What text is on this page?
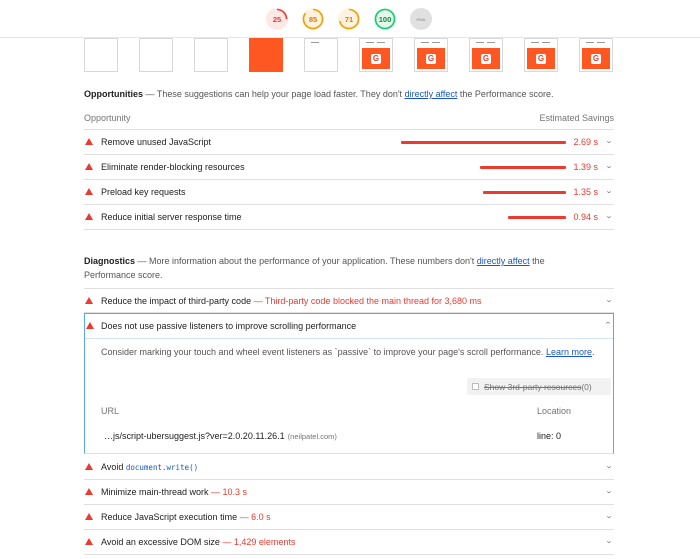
25	85	71	100	PWA
G	G	G	G	G
Opportunities — These suggestions can help your page load faster. They don't directly affect the Performance score.
Opportunity	Estimated Savings
Remove unused JavaScript	2.69 s ⌄
Eliminate render-blocking resources	1.39 s ⌄
Preload key requests	1.35 s ⌄
Reduce initial server response time	0.94 s ⌄
Diagnostics — More information about the performance of your application. These numbers don't directly affect the Performance score.
Reduce the impact of third-party code — Third-party code blocked the main thread for 3,680 ms	⌄
Does not use passive listeners to improve scrolling performance	⌃
Consider marking your touch and wheel event listeners as `passive` to improve your page's scroll performance. Learn more.
Show 3rd-party resources (0)
URL	Location
…js/script-ubersuggest.js?ver=2.0.20.11.26.1 (neilpatel.com)	line: 0
Avoid document.write()	⌄
Minimize main-thread work — 10.3 s	⌄
Reduce JavaScript execution time — 6.0 s	⌄
Avoid an excessive DOM size — 1,429 elements	⌄
